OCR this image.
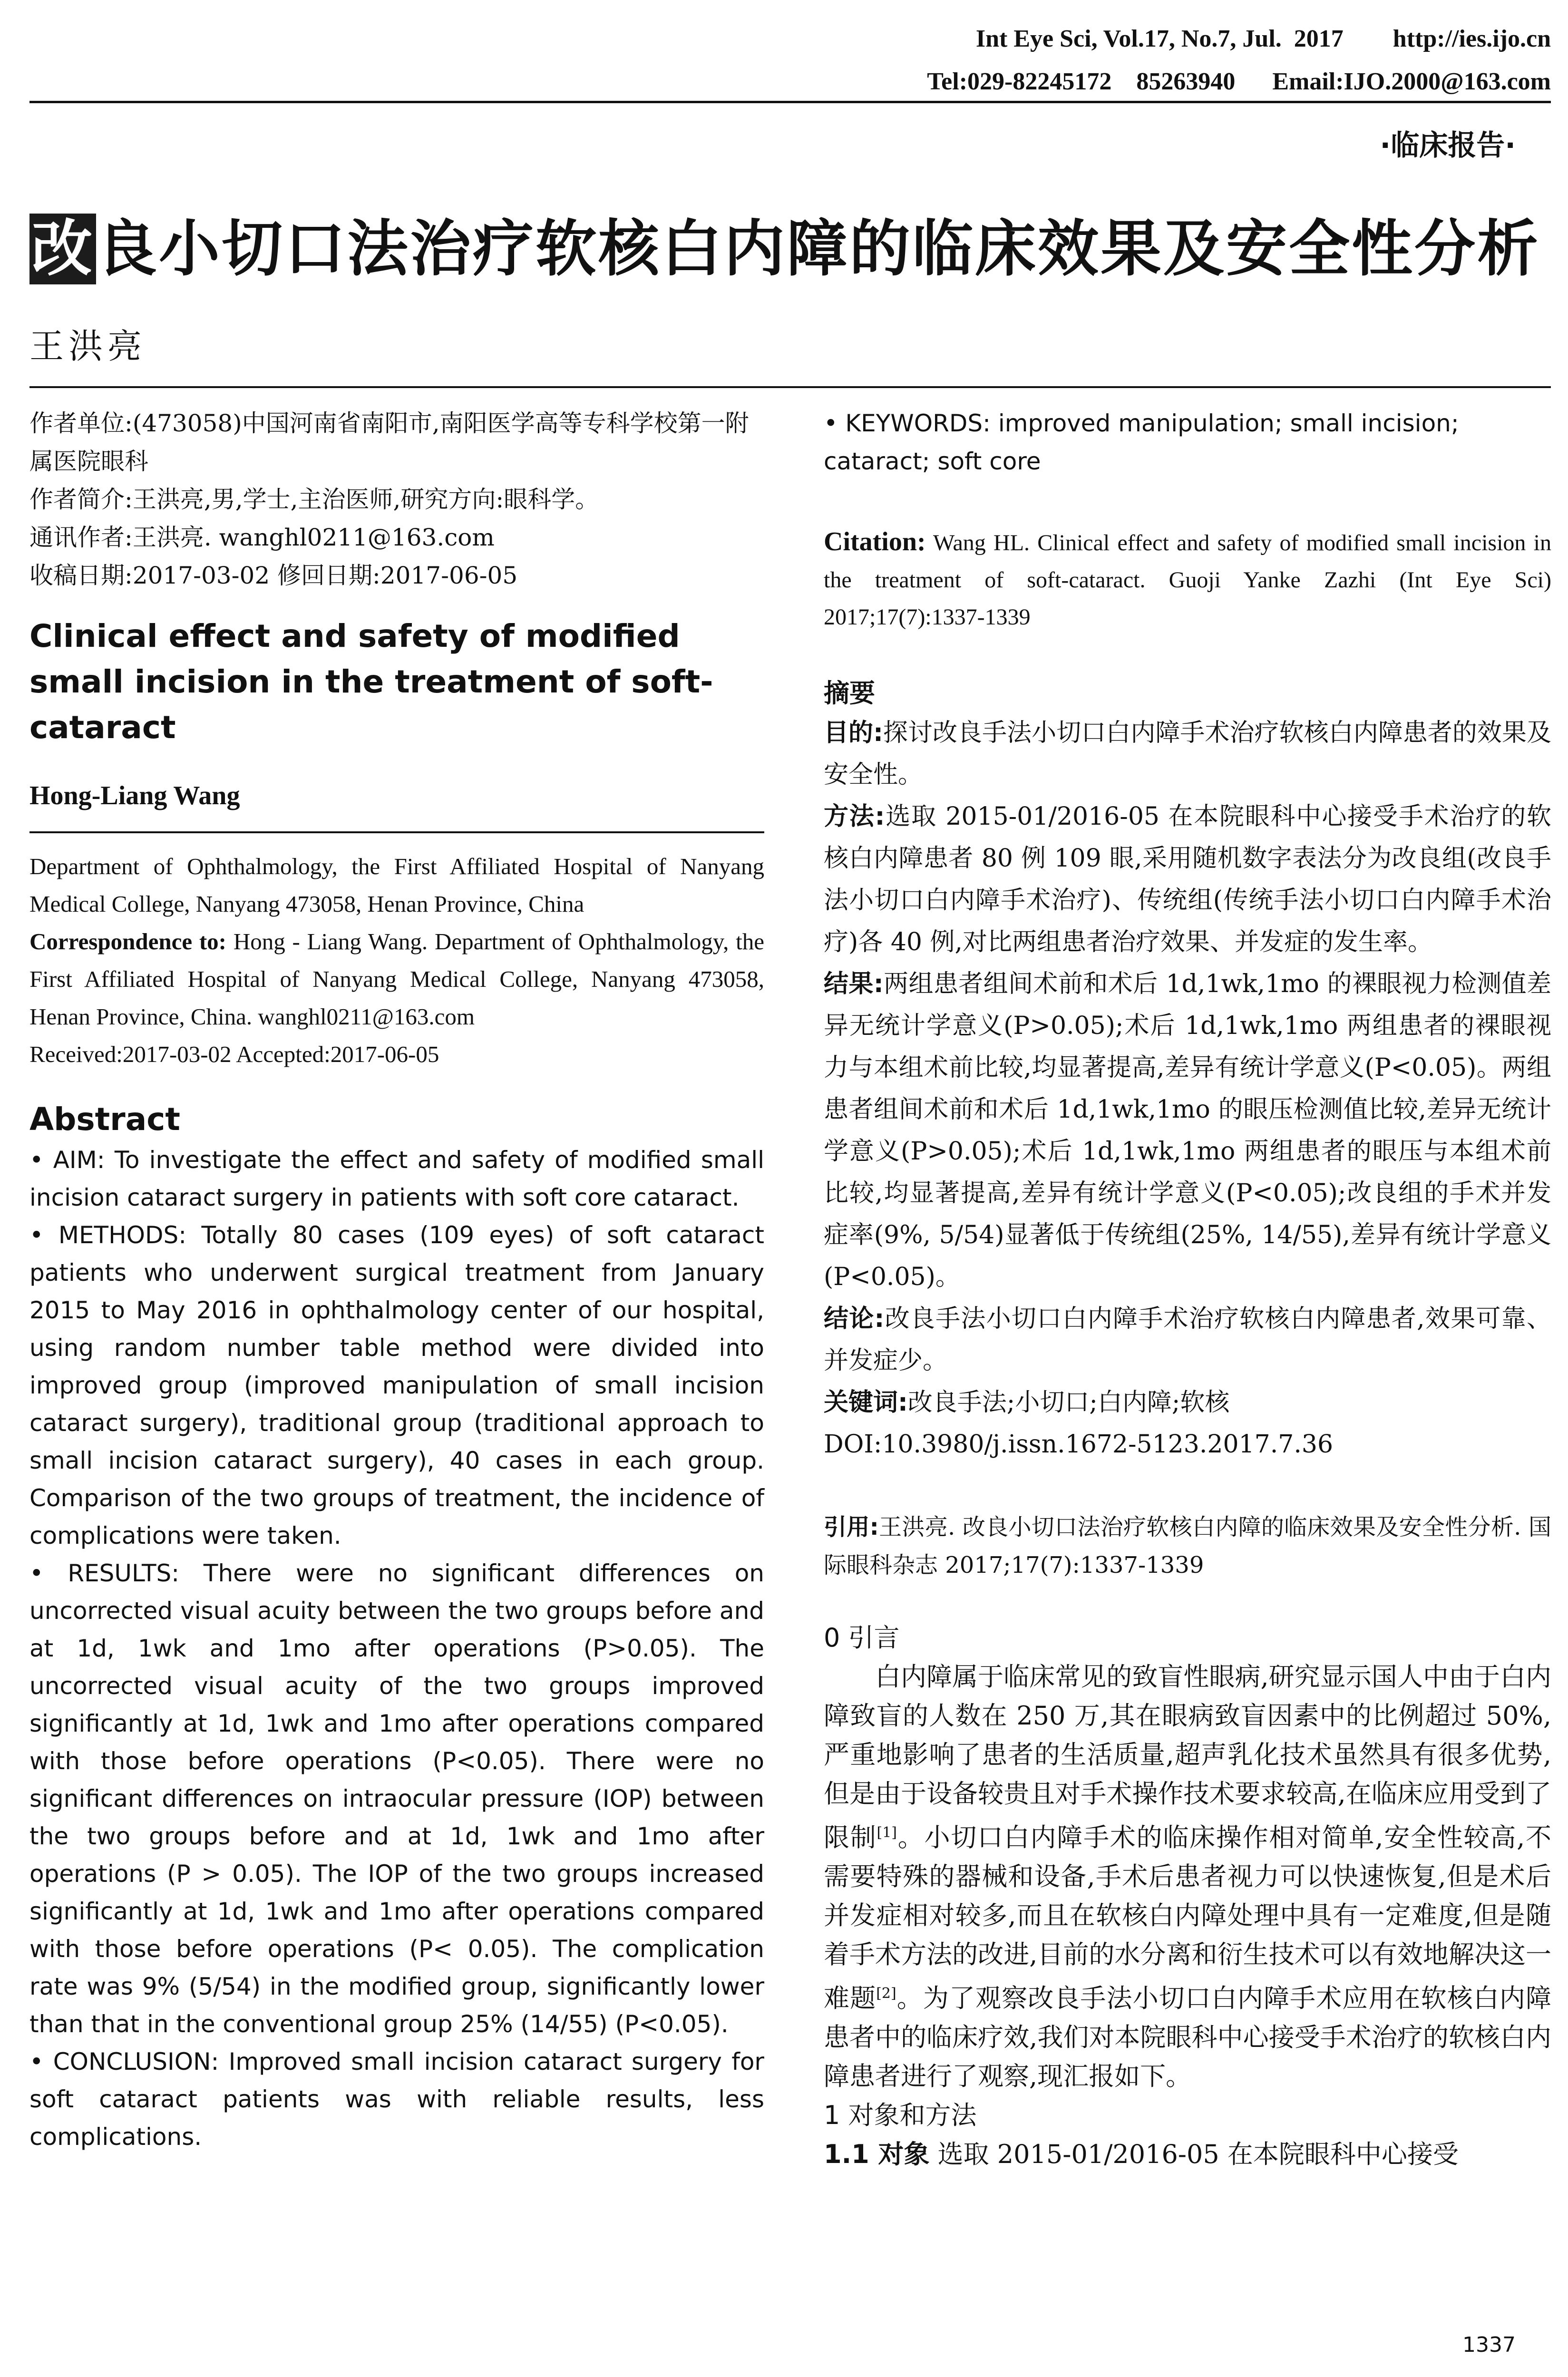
Int Eye Sci, Vol.17, No.7, Jul.  2017 http://ies.ijo.cn
Tel:029-82245172    85263940 Email:IJO.2000@163.com
·临床报告·
改良小切口法治疗软核白内障的临床效果及安全性分析
王洪亮

作者单位:(473058)中国河南省南阳市,南阳医学高等专科学校第一附属医院眼科

作者简介:王洪亮,男,学士,主治医师,研究方向:眼科学。

通讯作者:王洪亮. wanghl0211@163.com

收稿日期:2017-03-02 修回日期:2017-06-05

Clinical effect and safety of modified small incision in the treatment of soft-cataract
Hong-Liang Wang

Department of Ophthalmology, the First Affiliated Hospital of Nanyang Medical College, Nanyang 473058, Henan Province, China

Correspondence to: Hong - Liang Wang. Department of Ophthalmology, the First Affiliated Hospital of Nanyang Medical College, Nanyang 473058, Henan Province, China. wanghl0211@163.com

Received:2017-03-02 Accepted:2017-06-05

Abstract

• AIM: To investigate the effect and safety of modified small incision cataract surgery in patients with soft core cataract.

• METHODS: Totally 80 cases (109 eyes) of soft cataract patients who underwent surgical treatment from January 2015 to May 2016 in ophthalmology center of our hospital, using random number table method were divided into improved group (improved manipulation of small incision cataract surgery), traditional group (traditional approach to small incision cataract surgery), 40 cases in each group. Comparison of the two groups of treatment, the incidence of complications were taken.

• RESULTS: There were no significant differences on uncorrected visual acuity between the two groups before and at 1d, 1wk and 1mo after operations (P>0.05). The uncorrected visual acuity of the two groups improved significantly at 1d, 1wk and 1mo after operations compared with those before operations (P<0.05). There were no significant differences on intraocular pressure (IOP) between the two groups before and at 1d, 1wk and 1mo after operations (P > 0.05). The IOP of the two groups increased significantly at 1d, 1wk and 1mo after operations compared with those before operations (P< 0.05). The complication rate was 9% (5/54) in the modified group, significantly lower than that in the conventional group 25% (14/55) (P<0.05).

• CONCLUSION: Improved small incision cataract surgery for soft cataract patients was with reliable results, less complications.

• KEYWORDS: improved manipulation; small incision; cataract; soft core
Citation: Wang HL. Clinical effect and safety of modified small incision in the treatment of soft-cataract. Guoji Yanke Zazhi (Int Eye Sci) 2017;17(7):1337-1339
摘要

目的:探讨改良手法小切口白内障手术治疗软核白内障患者的效果及安全性。

方法:选取 2015-01/2016-05 在本院眼科中心接受手术治疗的软核白内障患者 80 例 109 眼,采用随机数字表法分为改良组(改良手法小切口白内障手术治疗)、传统组(传统手法小切口白内障手术治疗)各 40 例,对比两组患者治疗效果、并发症的发生率。

结果:两组患者组间术前和术后 1d,1wk,1mo 的裸眼视力检测值差异无统计学意义(P>0.05);术后 1d,1wk,1mo 两组患者的裸眼视力与本组术前比较,均显著提高,差异有统计学意义(P<0.05)。两组患者组间术前和术后 1d,1wk,1mo 的眼压检测值比较,差异无统计学意义(P>0.05);术后 1d,1wk,1mo 两组患者的眼压与本组术前比较,均显著提高,差异有统计学意义(P<0.05);改良组的手术并发症率(9%, 5/54)显著低于传统组(25%, 14/55),差异有统计学意义(P<0.05)。

结论:改良手法小切口白内障手术治疗软核白内障患者,效果可靠、并发症少。

关键词:改良手法;小切口;白内障;软核

DOI:10.3980/j.issn.1672-5123.2017.7.36

引用:王洪亮. 改良小切口法治疗软核白内障的临床效果及安全性分析. 国际眼科杂志 2017;17(7):1337-1339
0 引言

白内障属于临床常见的致盲性眼病,研究显示国人中由于白内障致盲的人数在 250 万,其在眼病致盲因素中的比例超过 50%,严重地影响了患者的生活质量,超声乳化技术虽然具有很多优势,但是由于设备较贵且对手术操作技术要求较高,在临床应用受到了限制[1]。小切口白内障手术的临床操作相对简单,安全性较高,不需要特殊的器械和设备,手术后患者视力可以快速恢复,但是术后并发症相对较多,而且在软核白内障处理中具有一定难度,但是随着手术方法的改进,目前的水分离和衍生技术可以有效地解决这一难题[2]。为了观察改良手法小切口白内障手术应用在软核白内障患者中的临床疗效,我们对本院眼科中心接受手术治疗的软核白内障患者进行了观察,现汇报如下。

1 对象和方法
1.1 对象 选取 2015-01/2016-05 在本院眼科中心接受
1337
